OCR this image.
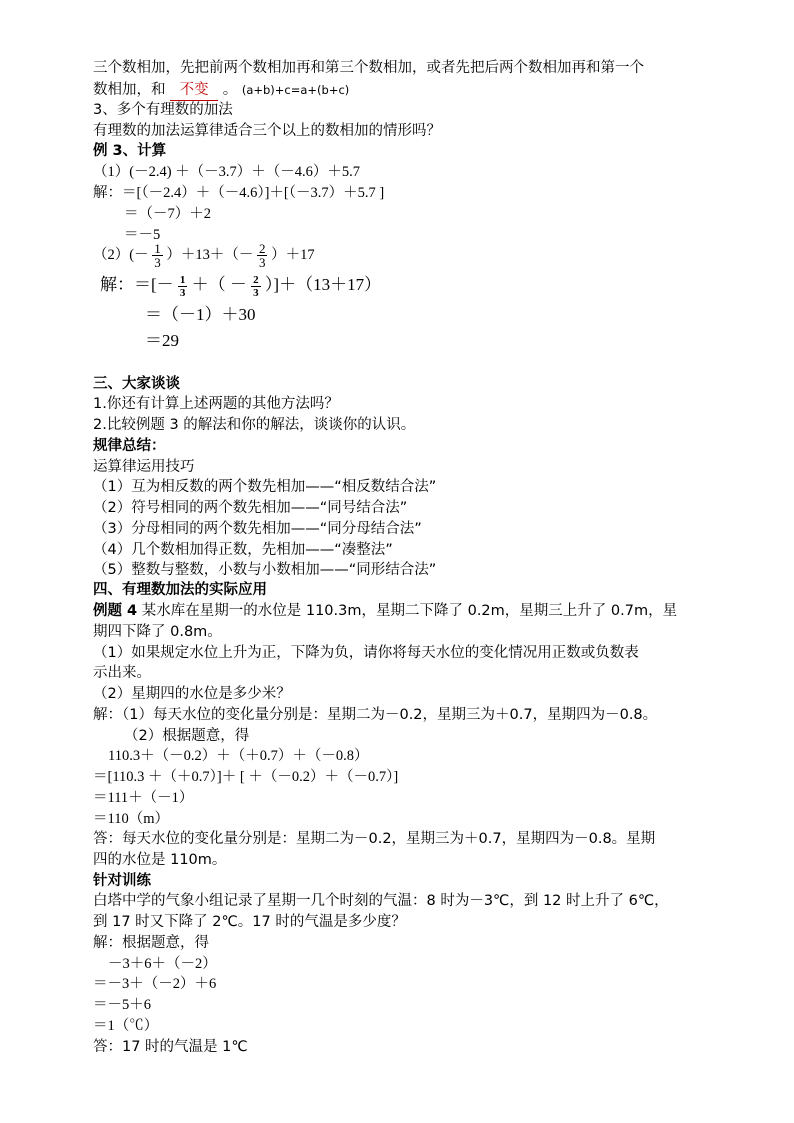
三个数相加，先把前两个数相加再和第三个数相加，或者先把后两个数相加再和第一个
数相加，和 不变 。 (a+b)+c=a+(b+c)
3、多个有理数的加法
有理数的加法运算律适合三个以上的数相加的情形吗？
例 3、计算
（1）(－2.4) ＋（－3.7）＋（－4.6）＋5.7
解：＝[（－2.4）＋（－4.6）]＋[（－3.7）＋5.7 ]
＝（－7）＋2
＝－5
$(2)(- \frac{1}{3} )+13+(- \frac{2}{3} )+17$
解：＝[－ $\frac{1}{3}$ ＋（ － $\frac{2}{3} )]+(13+17)$
＝（－1）＋30
＝29
三、大家谈谈
1.你还有计算上述两题的其他方法吗？
2.比较例题 3 的解法和你的解法，谈谈你的认识。
规律总结：
运算律运用技巧
（1）互为相反数的两个数先相加——“相反数结合法”
（2）符号相同的两个数先相加——“同号结合法”
（3）分母相同的两个数先相加——“同分母结合法”
（4）几个数相加得正数，先相加——“凑整法”
（5）整数与整数，小数与小数相加——“同形结合法”
四、有理数加法的实际应用
例题 4 某水库在星期一的水位是 110.3m，星期二下降了 0.2m，星期三上升了 0.7m，星
期四下降了 0.8m。
（1）如果规定水位上升为正，下降为负，请你将每天水位的变化情况用正数或负数表
示出来。
（2）星期四的水位是多少米？
解：（1）每天水位的变化量分别是：星期二为－0.2，星期三为＋0.7，星期四为－0.8。
（2）根据题意，得
110.3＋（－0.2）＋（＋0.7）＋（－0.8）
＝[110.3 ＋（＋0.7）]＋ [ ＋（－0.2）＋（－0.7）]
＝111＋（－1）
＝110（m）
答：每天水位的变化量分别是：星期二为－0.2，星期三为＋0.7，星期四为－0.8。星期
四的水位是 110m。
针对训练
白塔中学的气象小组记录了星期一几个时刻的气温：8 时为－3℃，到 12 时上升了 6℃，
到 17 时又下降了 2℃。17 时的气温是多少度？
解：根据题意，得
－3＋6＋（－2）
＝－3＋（－2）＋6
＝－5＋6
＝1（℃）
答：17 时的气温是 1℃
